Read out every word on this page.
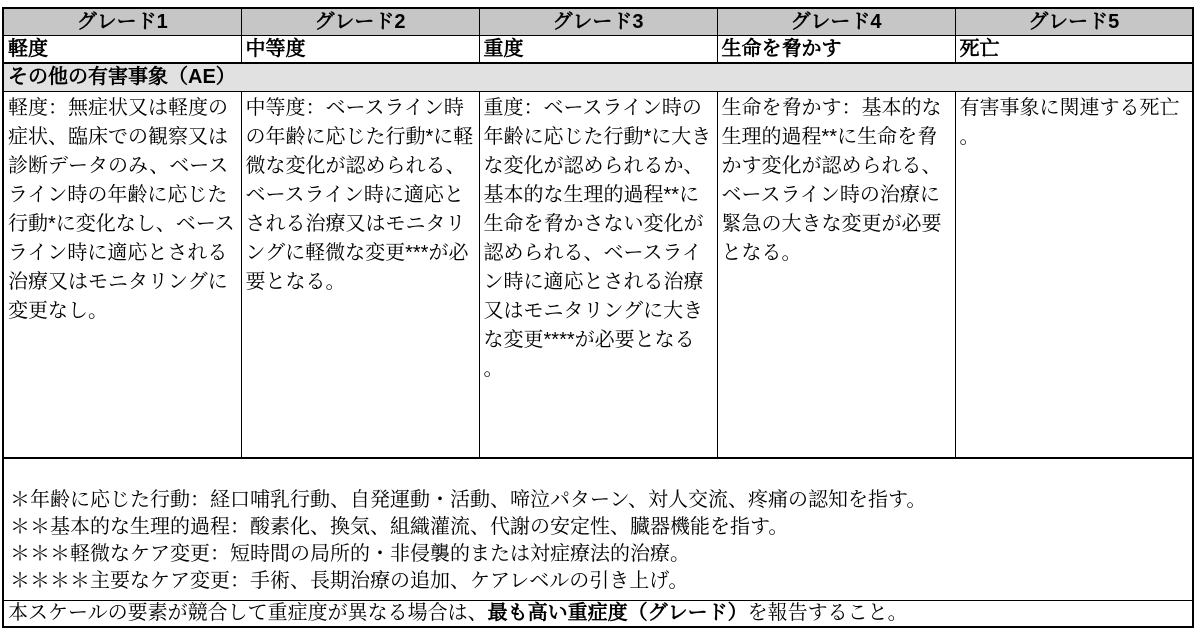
グレード1	グレード2	グレード3	グレード4	グレード5
軽度	中等度	重度	生命を脅かす	死亡
その他の有害事象（AE）				
軽度：無症状又は軽度の症状、臨床での観察又は診断データのみ、ベースライン時の年齢に応じた行動*に変化なし、ベースライン時に適応とされる治療又はモニタリングに変更なし。	中等度：ベースライン時の年齢に応じた行動*に軽微な変化が認められる、ベースライン時に適応とされる治療又はモニタリングに軽微な変更***が必要となる。	重度：ベースライン時の年齢に応じた行動*に大きな変化が認められるか、基本的な生理的過程**に生命を脅かさない変化が認められる、ベースライン時に適応とされる治療又はモニタリングに大きな変更****が必要となる。	生命を脅かす：基本的な生理的過程**に生命を脅かす変化が認められる、ベースライン時の治療に緊急の大きな変更が必要となる。	有害事象に関連する死亡。

＊年齢に応じた行動：経口哺乳行動、自発運動・活動、啼泣パターン、対人交流、疼痛の認知を指す。
＊＊基本的な生理的過程：酸素化、換気、組織灌流、代謝の安定性、臓器機能を指す。
＊＊＊軽微なケア変更：短時間の局所的・非侵襲的または対症療法的治療。
＊＊＊＊主要なケア変更：手術、長期治療の追加、ケアレベルの引き上げ。				

本スケールの要素が競合して重症度が異なる場合は、最も高い重症度（グレード）を報告すること。				
